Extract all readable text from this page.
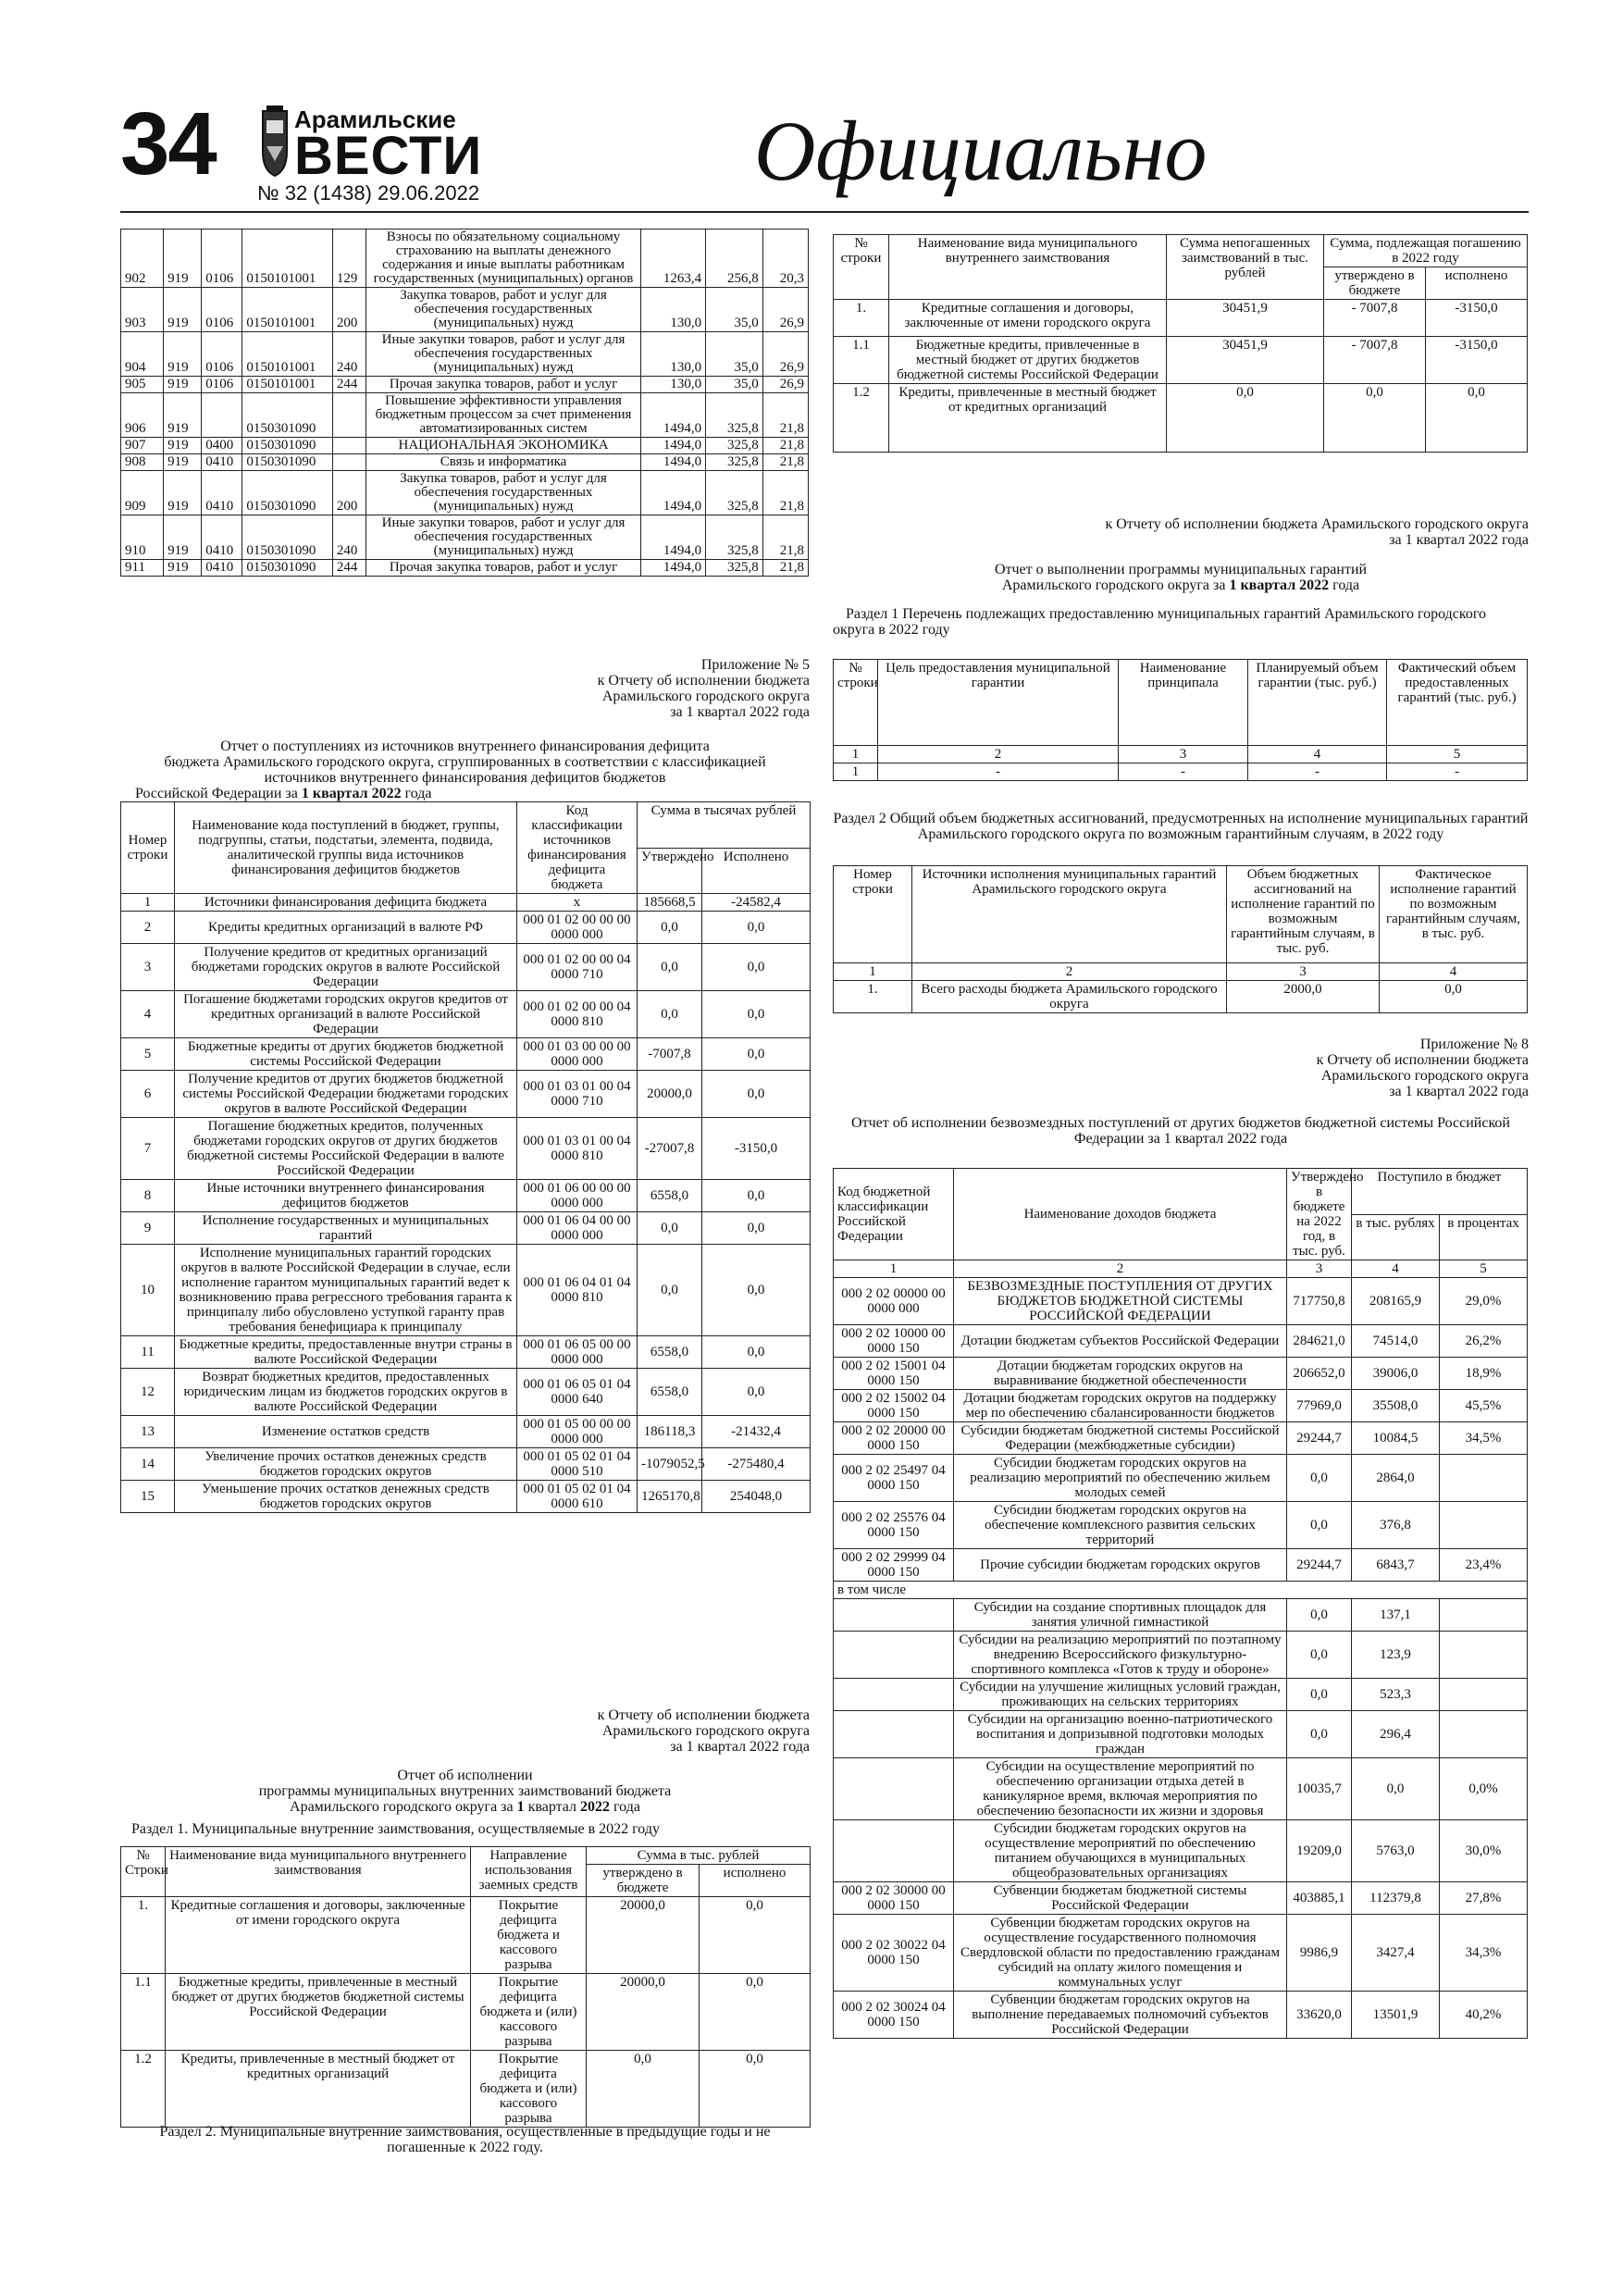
34	Арамильские
ВЕСТИ
№ 32 (1438) 29.06.2022	Официально
902	919	0106	0150101001	129	Взносы по обязательному социальному страхованию на выплаты денежного содержания и иные выплаты работникам государственных (муниципальных) органов	1263,4	256,8	20,3
903	919	0106	0150101001	200	Закупка товаров, работ и услуг для обеспечения государственных (муниципальных) нужд	130,0	35,0	26,9
904	919	0106	0150101001	240	Иные закупки товаров, работ и услуг для обеспечения государственных (муниципальных) нужд	130,0	35,0	26,9
905	919	0106	0150101001	244	Прочая закупка товаров, работ и услуг	130,0	35,0	26,9
906	919		0150301090		Повышение эффективности управления бюджетным процессом за счет применения автоматизированных систем	1494,0	325,8	21,8
907	919	0400	0150301090		НАЦИОНАЛЬНАЯ ЭКОНОМИКА	1494,0	325,8	21,8
908	919	0410	0150301090		Связь и информатика	1494,0	325,8	21,8
909	919	0410	0150301090	200	Закупка товаров, работ и услуг для обеспечения государственных (муниципальных) нужд	1494,0	325,8	21,8
910	919	0410	0150301090	240	Иные закупки товаров, работ и услуг для обеспечения государственных (муниципальных) нужд	1494,0	325,8	21,8
911	919	0410	0150301090	244	Прочая закупка товаров, работ и услуг	1494,0	325,8	21,8
Приложение № 5
к Отчету об исполнении бюджета
Арамильского городского округа
за 1 квартал 2022 года
Отчет о поступлениях из источников внутреннего финансирования дефицита
бюджета Арамильского городского округа, сгруппированных в соответствии с классификацией
источников внутреннего финансирования дефицитов бюджетов
Российской Федерации за 1 квартал 2022 года
Номер строки	Наименование кода поступлений в бюджет, группы, подгруппы, статьи, подстатьи, элемента, подвида, аналитической группы вида источников финансирования дефицитов бюджетов	Код классификации источников финансирования дефицита бюджета	Сумма в тысячах рублей	
			Утверждено	Исполнено
1	Источники финансирования дефицита бюджета	х	185668,5	-24582,4
2	Кредиты кредитных организаций в валюте РФ	000 01 02 00 00 00 0000 000	0,0	0,0
3	Получение кредитов от кредитных организаций бюджетами городских округов в валюте Российской Федерации	000 01 02 00 00 04 0000 710	0,0	0,0
4	Погашение бюджетами городских округов кредитов от кредитных организаций в валюте Российской Федерации	000 01 02 00 00 04 0000 810	0,0	0,0
5	Бюджетные кредиты от других бюджетов бюджетной системы Российской Федерации	000 01 03 00 00 00 0000 000	-7007,8	0,0
6	Получение кредитов от других бюджетов бюджетной системы Российской Федерации бюджетами городских округов в валюте Российской Федерации	000 01 03 01 00 04 0000 710	20000,0	0,0
7	Погашение бюджетных кредитов, полученных бюджетами городских округов от других бюджетов бюджетной системы Российской Федерации в валюте Российской Федерации	000 01 03 01 00 04 0000 810	-27007,8	-3150,0
8	Иные источники внутреннего финансирования дефицитов бюджетов	000 01 06 00 00 00 0000 000	6558,0	0,0
9	Исполнение государственных и муниципальных гарантий	000 01 06 04 00 00 0000 000	0,0	0,0
10	Исполнение муниципальных гарантий городских округов в валюте Российской Федерации в случае, если исполнение гарантом муниципальных гарантий ведет к возникновению права регрессного требования гаранта к принципалу либо обусловлено уступкой гаранту прав требования бенефициара к принципалу	000 01 06 04 01 04 0000 810	0,0	0,0
11	Бюджетные кредиты, предоставленные внутри страны в валюте Российской Федерации	000 01 06 05 00 00 0000 000	6558,0	0,0
12	Возврат бюджетных кредитов, предоставленных юридическим лицам из бюджетов городских округов в валюте Российской Федерации	000 01 06 05 01 04 0000 640	6558,0	0,0
13	Изменение остатков средств	000 01 05 00 00 00 0000 000	186118,3	-21432,4
14	Увеличение прочих остатков денежных средств бюджетов городских округов	000 01 05 02 01 04 0000 510	-1079052,5	-275480,4
15	Уменьшение прочих остатков денежных средств бюджетов городских округов	000 01 05 02 01 04 0000 610	1265170,8	254048,0
к Отчету об исполнении бюджета
Арамильского городского округа
за 1 квартал 2022 года
Отчет об исполнении
программы муниципальных внутренних заимствований бюджета
Арамильского городского округа за 1 квартал 2022 года
Раздел 1. Муниципальные внутренние заимствования, осуществляемые в 2022 году
№ Строки	Наименование вида муниципального внутреннего заимствования	Направление использования заемных средств	Сумма в тыс. рублей	
			утверждено в бюджете	исполнено
1.	Кредитные соглашения и договоры, заключенные от имени городского округа	Покрытие дефицита бюджета и кассового разрыва	20000,0	0,0
1.1	Бюджетные кредиты, привлеченные в местный бюджет от других бюджетов бюджетной системы Российской Федерации	Покрытие дефицита бюджета и (или) кассового разрыва	20000,0	0,0
1.2	Кредиты, привлеченные в местный бюджет от кредитных организаций	Покрытие дефицита бюджета и (или) кассового разрыва	0,0	0,0
Раздел 2. Муниципальные внутренние заимствования, осуществленные в предыдущие годы и не погашенные к 2022 году.
№ строки	Наименование вида муниципального внутреннего заимствования	Сумма непогашенных заимствований в тыс. рублей	Сумма, подлежащая погашению в 2022 году	
			утверждено в бюджете	исполнено
1.	Кредитные соглашения и договоры, заключенные от имени городского округа	30451,9	- 7007,8	-3150,0
1.1	Бюджетные кредиты, привлеченные в местный бюджет от других бюджетов бюджетной системы Российской Федерации	30451,9	- 7007,8	-3150,0
1.2	Кредиты, привлеченные в местный бюджет от кредитных организаций	0,0	0,0	0,0
к Отчету об исполнении бюджета Арамильского городского округа
за 1 квартал 2022 года
Отчет о выполнении программы муниципальных гарантий
Арамильского городского округа за 1 квартал 2022 года
Раздел 1 Перечень подлежащих предоставлению муниципальных гарантий Арамильского городского округа в 2022 году
№ строки	Цель предоставления муниципальной гарантии	Наименование принципала	Планируемый объем гарантии (тыс. руб.)	Фактический объем предоставленных гарантий (тыс. руб.)
1	2	3	4	5
1	-	-	-	-
Раздел 2 Общий объем бюджетных ассигнований, предусмотренных на исполнение муниципальных гарантий Арамильского городского округа по возможным гарантийным случаям, в 2022 году
Номер строки	Источники исполнения муниципальных гарантий Арамильского городского округа	Объем бюджетных ассигнований на исполнение гарантий по возможным гарантийным случаям, в тыс. руб.	Фактическое исполнение гарантий по возможным гарантийным случаям, в тыс. руб.
1	2	3	4
1.	Всего расходы бюджета Арамильского городского округа	2000,0	0,0
Приложение № 8
к Отчету об исполнении бюджета
Арамильского городского округа
за 1 квартал 2022 года
Отчет об исполнении безвозмездных поступлений от других бюджетов бюджетной системы Российской Федерации за 1 квартал 2022 года
Код бюджетной классификации Российской Федерации	Наименование доходов бюджета	Утверждено в бюджете на 2022 год, в тыс. руб.	Поступило в бюджет	
			в тыс. рублях	в процентах
1	2	3	4	5
000 2 02 00000 00 0000 000	БЕЗВОЗМЕЗДНЫЕ ПОСТУПЛЕНИЯ ОТ ДРУГИХ БЮДЖЕТОВ БЮДЖЕТНОЙ СИСТЕМЫ РОССИЙСКОЙ ФЕДЕРАЦИИ	717750,8	208165,9	29,0%
000 2 02 10000 00 0000 150	Дотации бюджетам субъектов Российской Федерации	284621,0	74514,0	26,2%
000 2 02 15001 04 0000 150	Дотации бюджетам городских округов на выравнивание бюджетной обеспеченности	206652,0	39006,0	18,9%
000 2 02 15002 04 0000 150	Дотации бюджетам городских округов на поддержку мер по обеспечению сбалансированности бюджетов	77969,0	35508,0	45,5%
000 2 02 20000 00 0000 150	Субсидии бюджетам бюджетной системы Российской Федерации (межбюджетные субсидии)	29244,7	10084,5	34,5%
000 2 02 25497 04 0000 150	Субсидии бюджетам городских округов на реализацию мероприятий по обеспечению жильем молодых семей	0,0	2864,0	
000 2 02 25576 04 0000 150	Субсидии бюджетам городских округов на обеспечение комплексного развития сельских территорий	0,0	376,8	
000 2 02 29999 04 0000 150	Прочие субсидии бюджетам городских округов	29244,7	6843,7	23,4%
в том числе				
	Субсидии на создание спортивных площадок для занятия уличной гимнастикой	0,0	137,1	
	Субсидии на реализацию мероприятий по поэтапному внедрению Всероссийского физкультурно-спортивного комплекса «Готов к труду и обороне»	0,0	123,9	
	Субсидии на улучшение жилищных условий граждан, проживающих на сельских территориях	0,0	523,3	
	Субсидии на организацию военно-патриотического воспитания и допризывной подготовки молодых граждан	0,0	296,4	
	Субсидии на осуществление мероприятий по обеспечению организации отдыха детей в каникулярное время, включая мероприятия по обеспечению безопасности их жизни и здоровья	10035,7	0,0	0,0%
	Субсидии бюджетам городских округов на осуществление мероприятий по обеспечению питанием обучающихся в муниципальных общеобразовательных организациях	19209,0	5763,0	30,0%
000 2 02 30000 00 0000 150	Субвенции бюджетам бюджетной системы Российской Федерации	403885,1	112379,8	27,8%
000 2 02 30022 04 0000 150	Субвенции бюджетам городских округов на осуществление государственного полномочия Свердловской области по предоставлению гражданам субсидий на оплату жилого помещения и коммунальных услуг	9986,9	3427,4	34,3%
000 2 02 30024 04 0000 150	Субвенции бюджетам городских округов на выполнение передаваемых полномочий субъектов Российской Федерации	33620,0	13501,9	40,2%
